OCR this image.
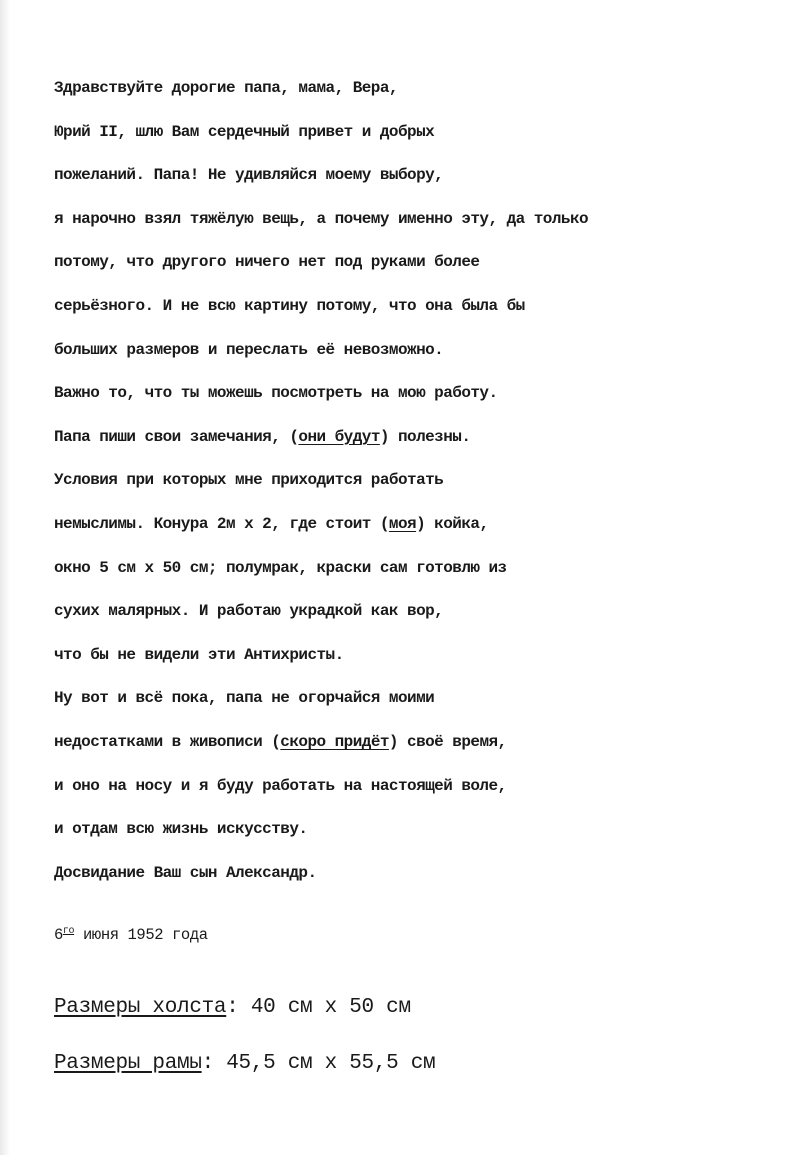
Здравствуйте дорогие папа, мама, Вера,
Юрий II, шлю Вам сердечный привет и добрых
пожеланий. Папа! Не удивляйся моему выбору,
я нарочно взял тяжёлую вещь, а почему именно эту, да только
потому, что другого ничего нет под руками более
серьёзного. И не всю картину потому, что она была бы
больших размеров и переслать её невозможно.
Важно то, что ты можешь посмотреть на мою работу.
Папа пиши свои замечания, (они будут) полезны.
Условия при которых мне приходится работать
немыслимы. Конура 2м х 2, где стоит (моя) койка,
окно 5 см х 50 см; полумрак, краски сам готовлю из
сухих малярных. И работаю украдкой как вор,
что бы не видели эти Антихристы.
Ну вот и всё пока, папа не огорчайся моими
недостатками в живописи (скоро придёт) своё время,
и оно на носу и я буду работать на настоящей воле,
и отдам всю жизнь искусству.
Досвидание Ваш сын Александр.
$6^{го}$ июня 1952 года
Размеры холста: 40 см х 50 см
Размеры рамы: 45,5 см х 55,5 см
